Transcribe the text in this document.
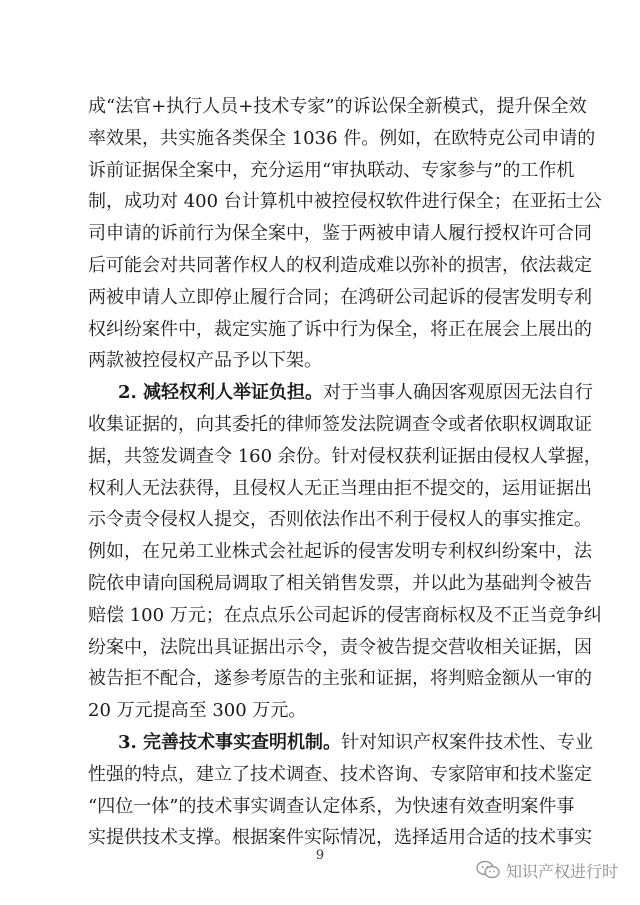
成“法官+执行人员+技术专家”的诉讼保全新模式，提升保全效
率效果，共实施各类保全 1036 件。例如，在欧特克公司申请的
诉前证据保全案中，充分运用“审执联动、专家参与”的工作机
制，成功对 400 台计算机中被控侵权软件进行保全；在亚拓士公
司申请的诉前行为保全案中，鉴于两被申请人履行授权许可合同
后可能会对共同著作权人的权利造成难以弥补的损害，依法裁定
两被申请人立即停止履行合同；在鸿研公司起诉的侵害发明专利
权纠纷案件中，裁定实施了诉中行为保全，将正在展会上展出的
两款被控侵权产品予以下架。
2. 减轻权利人举证负担。对于当事人确因客观原因无法自行
收集证据的，向其委托的律师签发法院调查令或者依职权调取证
据，共签发调查令 160 余份。针对侵权获利证据由侵权人掌握，
权利人无法获得，且侵权人无正当理由拒不提交的，运用证据出
示令责令侵权人提交，否则依法作出不利于侵权人的事实推定。
例如，在兄弟工业株式会社起诉的侵害发明专利权纠纷案中，法
院依申请向国税局调取了相关销售发票，并以此为基础判令被告
赔偿 100 万元；在点点乐公司起诉的侵害商标权及不正当竞争纠
纷案中，法院出具证据出示令，责令被告提交营收相关证据，因
被告拒不配合，遂参考原告的主张和证据，将判赔金额从一审的
20 万元提高至 300 万元。
3. 完善技术事实查明机制。针对知识产权案件技术性、专业
性强的特点，建立了技术调查、技术咨询、专家陪审和技术鉴定
“四位一体”的技术事实调查认定体系，为快速有效查明案件事
实提供技术支撑。根据案件实际情况，选择适用合适的技术事实
9
知识产权进行时
